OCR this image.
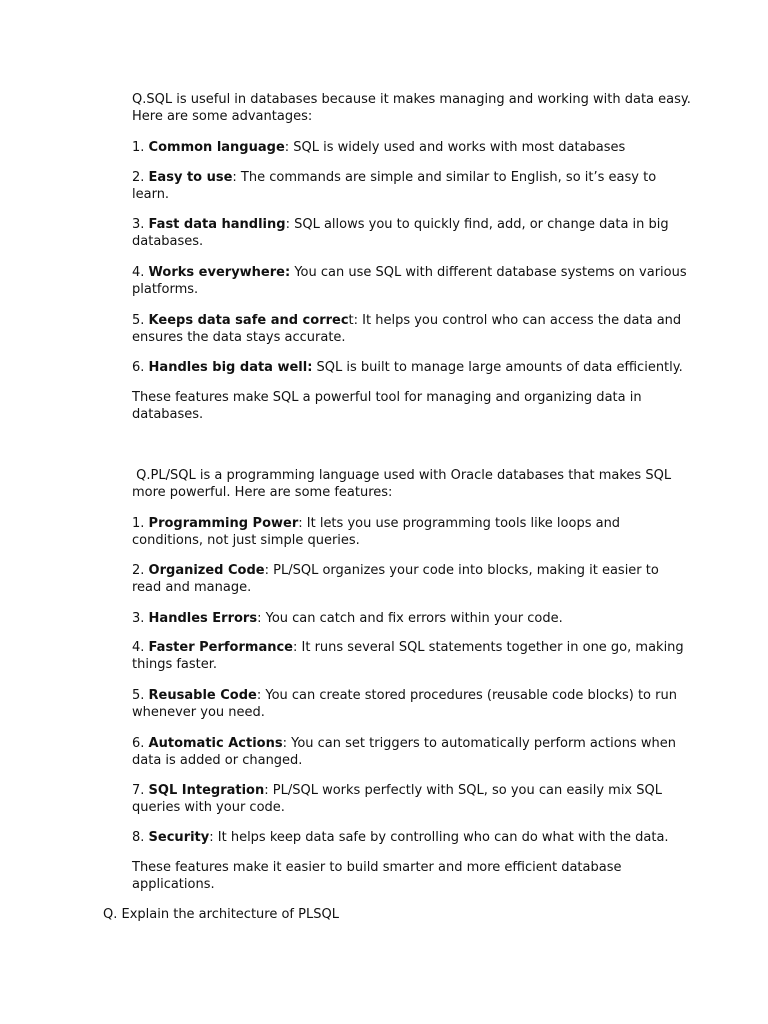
Q.SQL is useful in databases because it makes managing and working with data easy. Here are some advantages:

1. Common language: SQL is widely used and works with most databases

2. Easy to use: The commands are simple and similar to English, so it’s easy to learn.

3. Fast data handling: SQL allows you to quickly find, add, or change data in big databases.

4. Works everywhere: You can use SQL with different database systems on various platforms.

5. Keeps data safe and correct: It helps you control who can access the data and ensures the data stays accurate.

6. Handles big data well: SQL is built to manage large amounts of data efficiently.

These features make SQL a powerful tool for managing and organizing data in databases.

Q.PL/SQL is a programming language used with Oracle databases that makes SQL more powerful. Here are some features:

1. Programming Power: It lets you use programming tools like loops and conditions, not just simple queries.

2. Organized Code: PL/SQL organizes your code into blocks, making it easier to read and manage.

3. Handles Errors: You can catch and fix errors within your code.

4. Faster Performance: It runs several SQL statements together in one go, making things faster.

5. Reusable Code: You can create stored procedures (reusable code blocks) to run whenever you need.

6. Automatic Actions: You can set triggers to automatically perform actions when data is added or changed.

7. SQL Integration: PL/SQL works perfectly with SQL, so you can easily mix SQL queries with your code.

8. Security: It helps keep data safe by controlling who can do what with the data.

These features make it easier to build smarter and more efficient database applications.

Q. Explain the architecture of PLSQL
